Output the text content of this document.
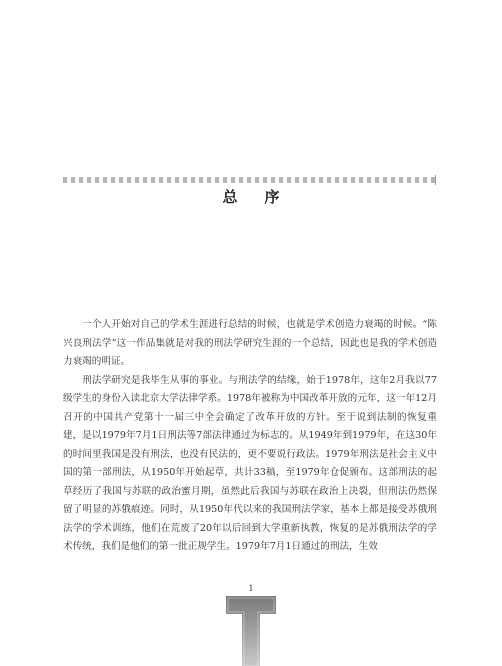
总序

一个人开始对自己的学术生涯进行总结的时候，也就是学术创造力衰竭的时候。“陈兴良刑法学”这一作品集就是对我的刑法学研究生涯的一个总结，因此也是我的学术创造力衰竭的明证。

刑法学研究是我毕生从事的事业。与刑法学的结缘，始于1978年，这年2月我以77级学生的身份入读北京大学法律学系。1978年被称为中国改革开放的元年，这一年12月召开的中国共产党第十一届三中全会确定了改革开放的方针。至于说到法制的恢复重建，是以1979年7月1日刑法等7部法律通过为标志的。从1949年到1979年，在这30年的时间里我国是没有刑法，也没有民法的，更不要说行政法。1979年刑法是社会主义中国的第一部刑法，从1950年开始起草，共计33稿，至1979年仓促颁布。这部刑法的起草经历了我国与苏联的政治蜜月期，虽然此后我国与苏联在政治上决裂，但刑法仍然保留了明显的苏俄痕迹。同时，从1950年代以来的我国刑法学家，基本上都是接受苏俄刑法学的学术训练，他们在荒废了20年以后回到大学重新执教，恢复的是苏俄刑法学的学术传统，我们是他们的第一批正规学生。1979年7月1日通过的刑法，生效

1
